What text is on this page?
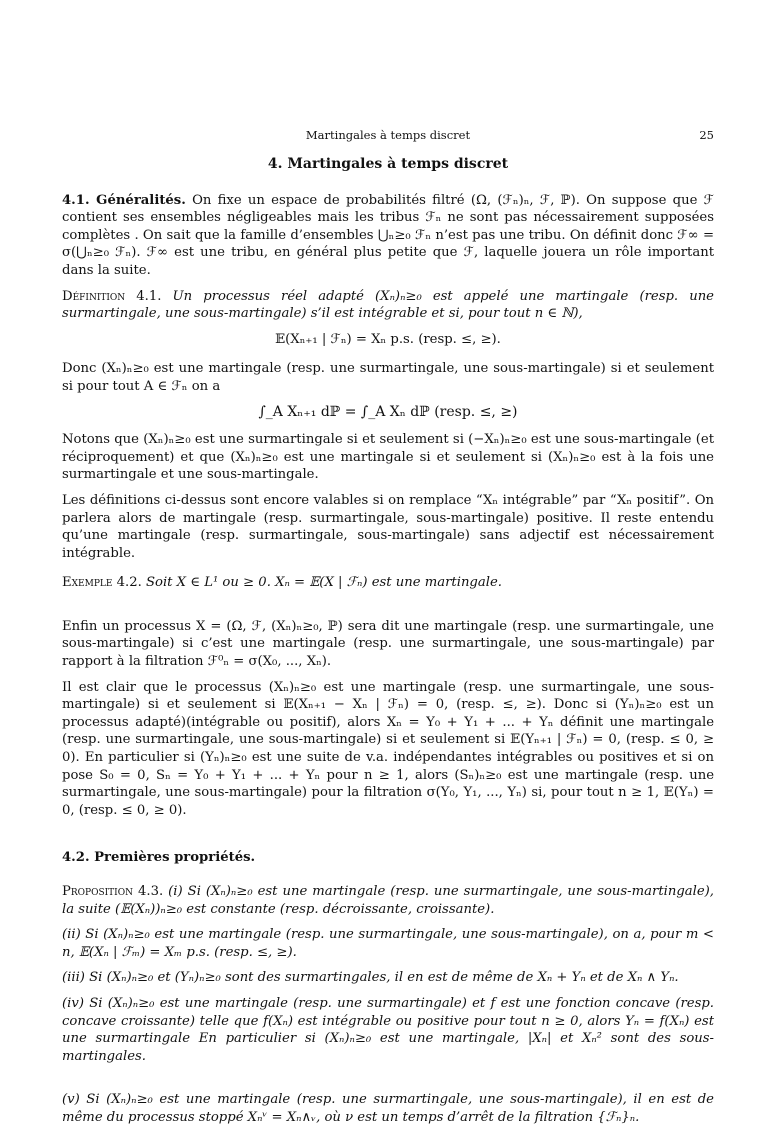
Martingales à temps discret	25
4. Martingales à temps discret

4.1. Généralités. On fixe un espace de probabilités filtré (Ω, (ℱₙ)ₙ, ℱ, ℙ). On suppose que ℱ contient ses ensembles négligeables mais les tribus ℱₙ ne sont pas nécessairement supposées complètes . On sait que la famille d’ensembles ⋃ₙ≥₀ ℱₙ n’est pas une tribu. On définit donc ℱ∞ = σ(⋃ₙ≥₀ ℱₙ). ℱ∞ est une tribu, en général plus petite que ℱ, laquelle jouera un rôle important dans la suite.

Définition 4.1. Un processus réel adapté (Xₙ)ₙ≥₀ est appelé une martingale (resp. une surmartingale, une sous-martingale) s’il est intégrable et si, pour tout n ∈ ℕ),

𝔼(Xₙ₊₁ | ℱₙ) = Xₙ p.s. (resp. ≤, ≥).

Donc (Xₙ)ₙ≥₀ est une martingale (resp. une surmartingale, une sous-martingale) si et seulement si pour tout A ∈ ℱₙ on a

∫_A Xₙ₊₁ dℙ = ∫_A Xₙ dℙ (resp. ≤, ≥)

Notons que (Xₙ)ₙ≥₀ est une surmartingale si et seulement si (−Xₙ)ₙ≥₀ est une sous-martingale (et réciproquement) et que (Xₙ)ₙ≥₀ est une martingale si et seulement si (Xₙ)ₙ≥₀ est à la fois une surmartingale et une sous-martingale.

Les définitions ci-dessus sont encore valables si on remplace “Xₙ intégrable” par “Xₙ positif”. On parlera alors de martingale (resp. surmartingale, sous-martingale) positive. Il reste entendu qu’une martingale (resp. surmartingale, sous-martingale) sans adjectif est nécessairement intégrable.

Exemple 4.2. Soit X ∈ L¹ ou ≥ 0. Xₙ = 𝔼(X | ℱₙ) est une martingale.

Enfin un processus X = (Ω, ℱ, (Xₙ)ₙ≥₀, ℙ) sera dit une martingale (resp. une surmartingale, une sous-martingale) si c’est une martingale (resp. une surmartingale, une sous-martingale) par rapport à la filtration ℱ⁰ₙ = σ(X₀, ..., Xₙ).

Il est clair que le processus (Xₙ)ₙ≥₀ est une martingale (resp. une surmartingale, une sous-martingale) si et seulement si 𝔼(Xₙ₊₁ − Xₙ | ℱₙ) = 0, (resp. ≤, ≥). Donc si (Yₙ)ₙ≥₀ est un processus adapté)(intégrable ou positif), alors Xₙ = Y₀ + Y₁ + ... + Yₙ définit une martingale (resp. une surmartingale, une sous-martingale) si et seulement si 𝔼(Yₙ₊₁ | ℱₙ) = 0, (resp. ≤ 0, ≥ 0). En particulier si (Yₙ)ₙ≥₀ est une suite de v.a. indépendantes intégrables ou positives et si on pose S₀ = 0, Sₙ = Y₀ + Y₁ + ... + Yₙ pour n ≥ 1, alors (Sₙ)ₙ≥₀ est une martingale (resp. une surmartingale, une sous-martingale) pour la filtration σ(Y₀, Y₁, ..., Yₙ) si, pour tout n ≥ 1, 𝔼(Yₙ) = 0, (resp. ≤ 0, ≥ 0).

4.2. Premières propriétés.

Proposition 4.3. (i) Si (Xₙ)ₙ≥₀ est une martingale (resp. une surmartingale, une sous-martingale), la suite (𝔼(Xₙ))ₙ≥₀ est constante (resp. décroissante, croissante).

(ii) Si (Xₙ)ₙ≥₀ est une martingale (resp. une surmartingale, une sous-martingale), on a, pour m < n, 𝔼(Xₙ | ℱₘ) = Xₘ p.s. (resp. ≤, ≥).

(iii) Si (Xₙ)ₙ≥₀ et (Yₙ)ₙ≥₀ sont des surmartingales, il en est de même de Xₙ + Yₙ et de Xₙ ∧ Yₙ.

(iv) Si (Xₙ)ₙ≥₀ est une martingale (resp. une surmartingale) et f est une fonction concave (resp. concave croissante) telle que f(Xₙ) est intégrable ou positive pour tout n ≥ 0, alors Yₙ = f(Xₙ) est une surmartingale En particulier si (Xₙ)ₙ≥₀ est une martingale, |Xₙ| et Xₙ² sont des sous-martingales.

(v) Si (Xₙ)ₙ≥₀ est une martingale (resp. une surmartingale, une sous-martingale), il en est de même du processus stoppé Xₙᵛ = Xₙ∧ᵥ, où ν est un temps d’arrêt de la filtration {ℱₙ}ₙ.
